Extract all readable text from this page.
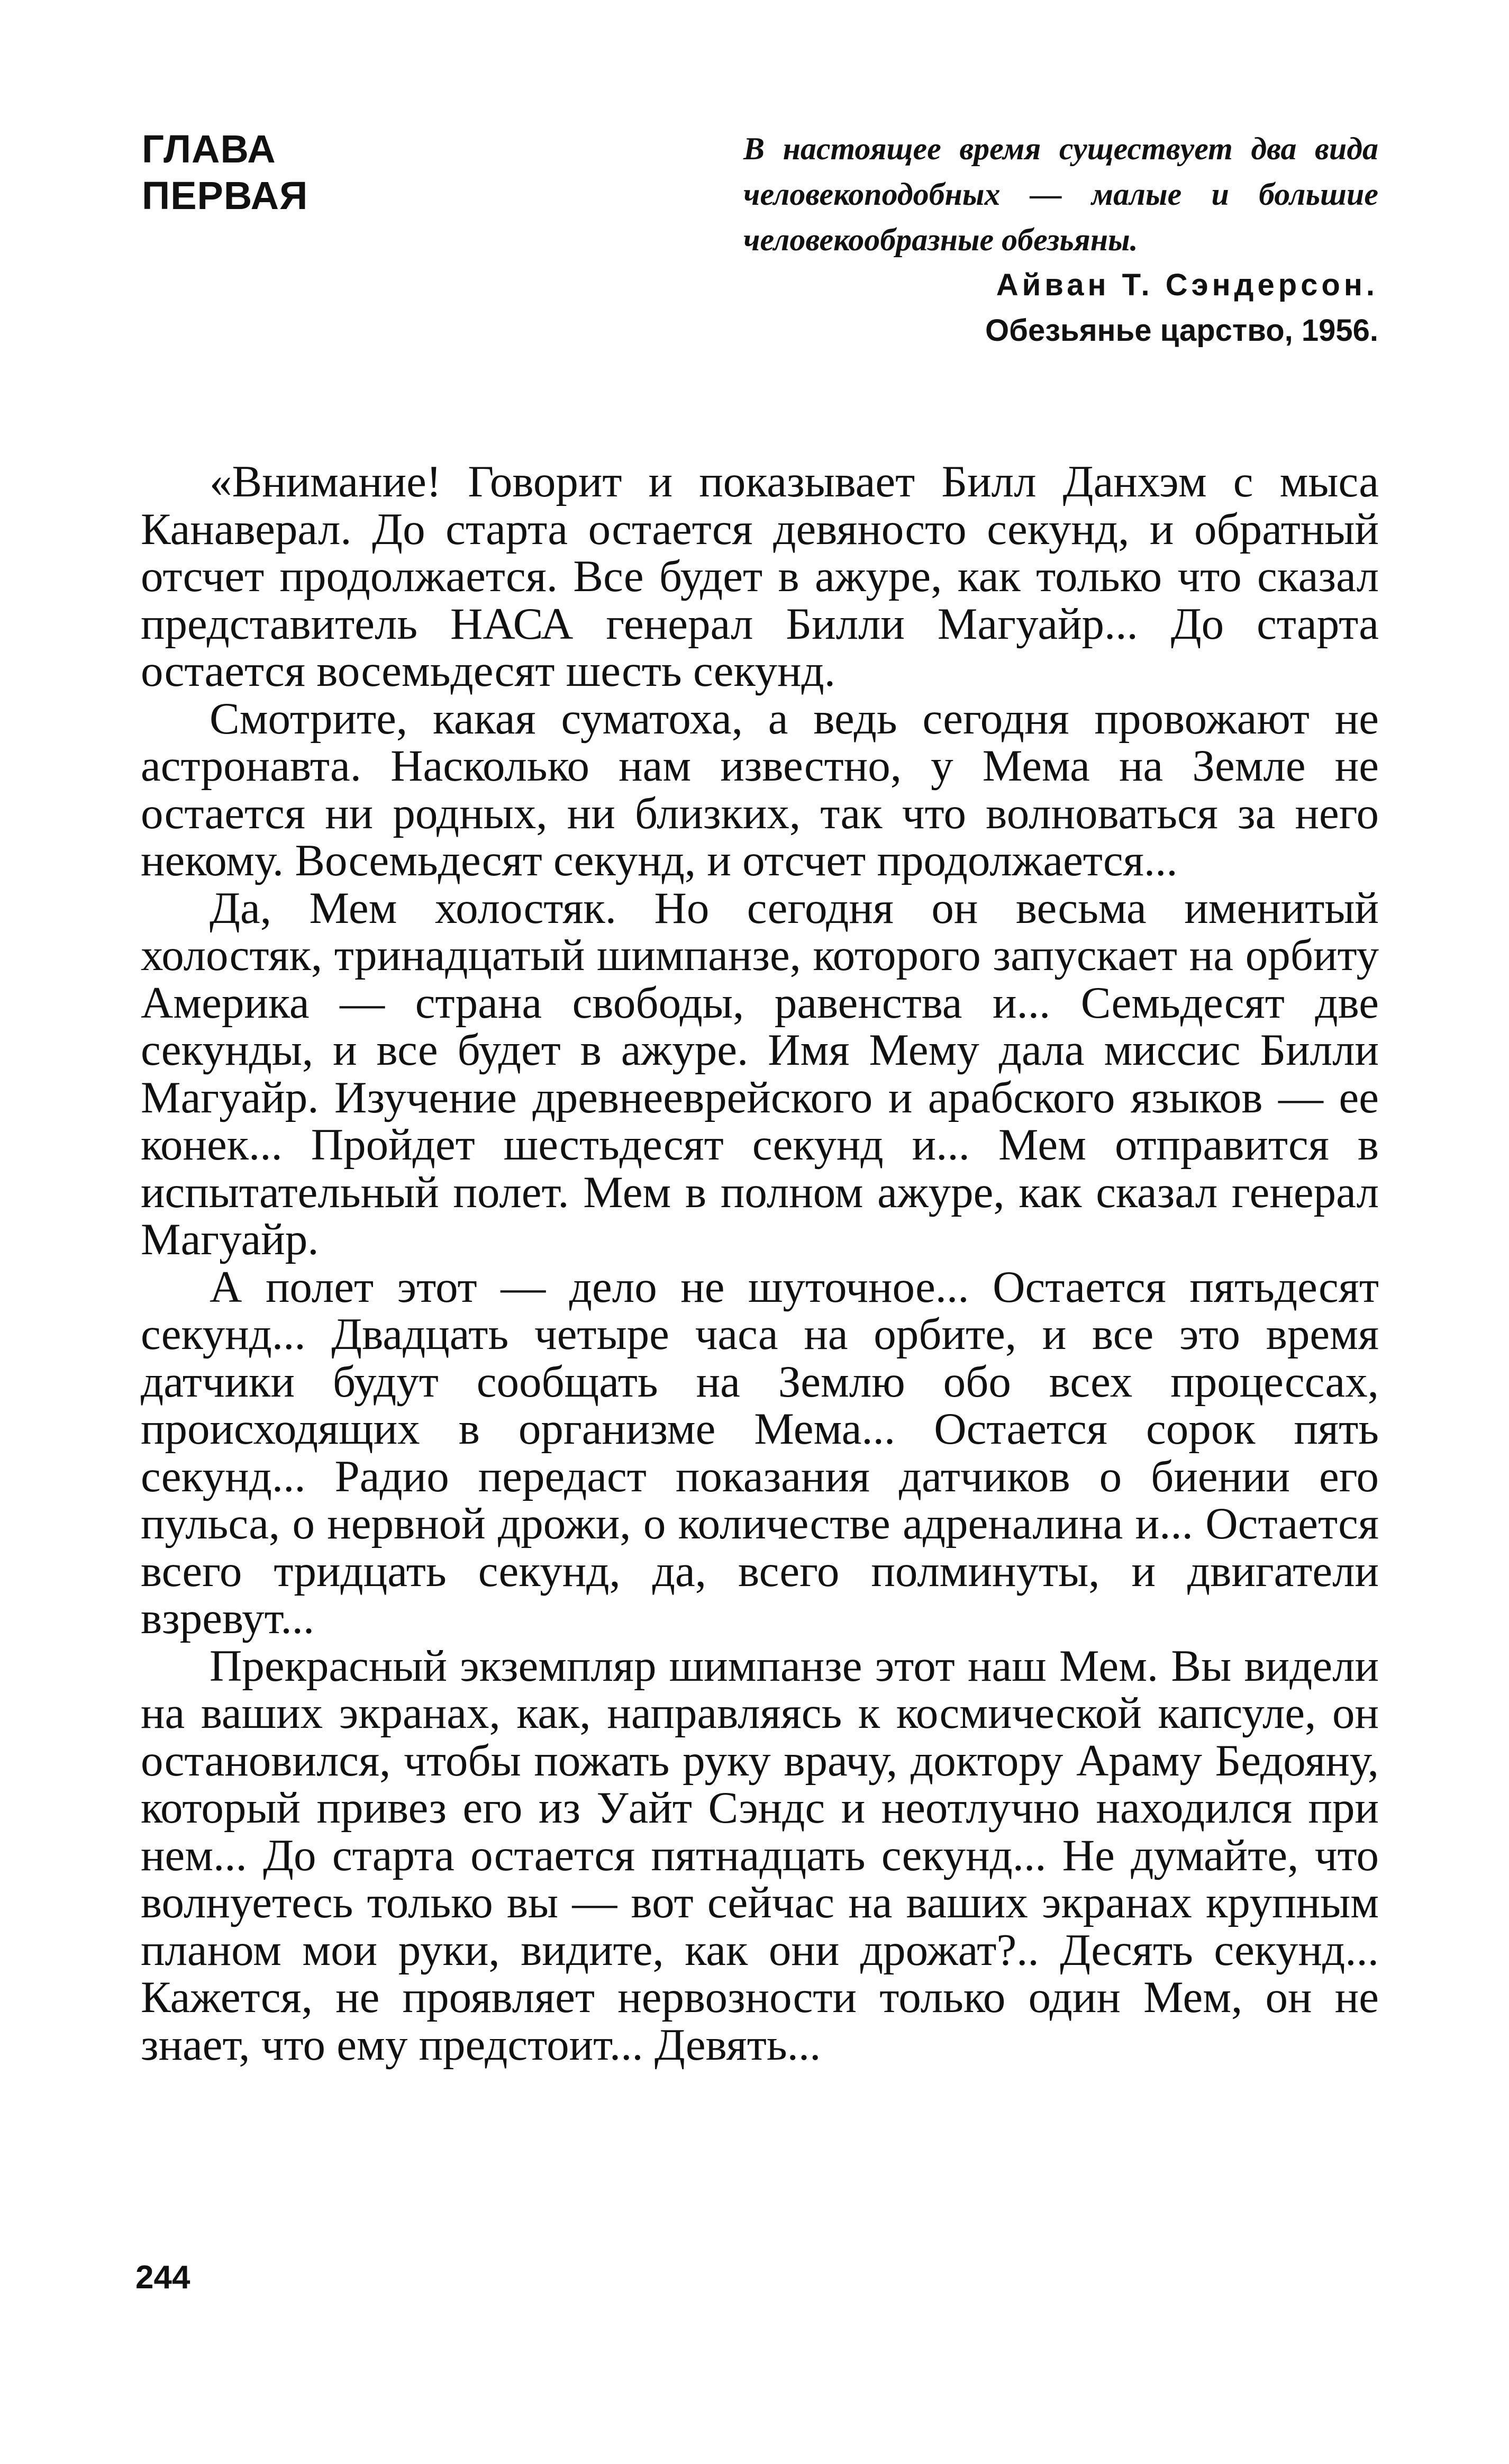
ГЛАВА
ПЕРВАЯ

В настоящее время существует два вида человекоподобных — малые и большие человекообразные обезьяны.

Айван Т. Сэндерсон.

Обезьянье царство, 1956.

«Внимание! Говорит и показывает Билл Данхэм с мыса Канаверал. До старта остается девяносто секунд, и обратный отсчет продолжается. Все будет в ажуре, как только что сказал представитель НАСА генерал Билли Магуайр... До старта остается восемьдесят шесть секунд.

Смотрите, какая суматоха, а ведь сегодня провожают не астронавта. Насколько нам известно, у Мема на Земле не остается ни родных, ни близких, так что волноваться за него некому. Восемьдесят секунд, и отсчет продолжается...

Да, Мем холостяк. Но сегодня он весьма именитый холостяк, тринадцатый шимпанзе, которого запускает на орбиту Америка — страна свободы, равенства и... Семьдесят две секунды, и все будет в ажуре. Имя Мему дала миссис Билли Магуайр. Изучение древнееврейского и арабского языков — ее конек... Пройдет шестьдесят секунд и... Мем отправится в испытательный полет. Мем в полном ажуре, как сказал генерал Магуайр.

А полет этот — дело не шуточное... Остается пятьдесят секунд... Двадцать четыре часа на орбите, и все это время датчики будут сообщать на Землю обо всех процессах, происходящих в организме Мема... Остается сорок пять секунд... Радио передаст показания датчиков о биении его пульса, о нервной дрожи, о количестве адреналина и... Остается всего тридцать секунд, да, всего полминуты, и двигатели взревут...

Прекрасный экземпляр шимпанзе этот наш Мем. Вы видели на ваших экранах, как, направляясь к космической капсуле, он остановился, чтобы пожать руку врачу, доктору Араму Бедояну, который привез его из Уайт Сэндс и неотлучно находился при нем... До старта остается пятнадцать секунд... Не думайте, что волнуетесь только вы — вот сейчас на ваших экранах крупным планом мои руки, видите, как они дрожат?.. Десять секунд... Кажется, не проявляет нервозности только один Мем, он не знает, что ему предстоит... Девять...

244
